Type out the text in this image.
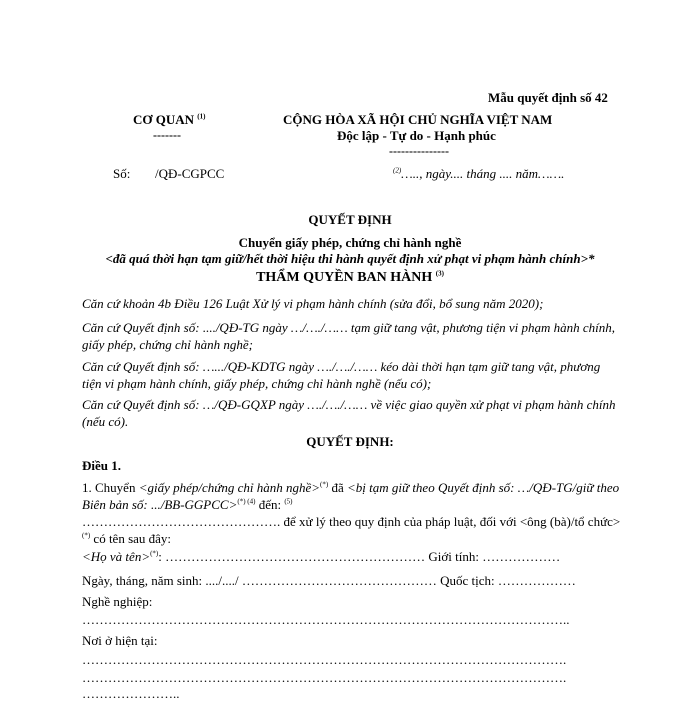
Mẫu quyết định số 42
CƠ QUAN $^{(1)}$
-------
CỘNG HÒA XÃ HỘI CHỦ NGHĨA VIỆT NAM
Độc lập - Tự do - Hạnh phúc
---------------
Số: /QĐ-CGPCC	$^{(2)}$….., ngày.... tháng .... năm…….
QUYẾT ĐỊNH
Chuyển giấy phép, chứng chỉ hành nghề
<đã quá thời hạn tạm giữ/hết thời hiệu thi hành quyết định xử phạt vi phạm hành chính>*
THẨM QUYỀN BAN HÀNH $^{(3)}$
Căn cứ khoản 4b Điều 126 Luật Xử lý vi phạm hành chính (sửa đổi, bổ sung năm 2020);
Căn cứ Quyết định số: ..../QĐ-TG ngày …/…./…… tạm giữ tang vật, phương tiện vi phạm hành chính, giấy phép, chứng chỉ hành nghề;
Căn cứ Quyết định số: ….../QĐ-KDTG ngày …./…./…… kéo dài thời hạn tạm giữ tang vật, phương tiện vi phạm hành chính, giấy phép, chứng chỉ hành nghề (nếu có);
Căn cứ Quyết định số: …/QĐ-GQXP ngày …./…./…… về việc giao quyền xử phạt vi phạm hành chính (nếu có).
QUYẾT ĐỊNH:
Điều 1.
1. Chuyển <giấy phép/chứng chỉ hành nghề>(*) đã <bị tạm giữ theo Quyết định số: …/QĐ-TG/giữ theo Biên bản số: .../BB-GGPCC>$^{(*) (4)}$ đến: $^{(5)}$
………………………………………. để xử lý theo quy định của pháp luật, đối với <ông (bà)/tổ chức>(*) có tên sau đây:
<Họ và tên>(*): …………………………………………………… Giới tính: ………………
Ngày, tháng, năm sinh: ..../..../ ……………………………………… Quốc tịch: ………………
Nghề nghiệp:
…………………………………………………………………………………………………..
Nơi ở hiện tại:
………………………………………………………………………………………………….
………………………………………………………………………………………………….
…………………..
